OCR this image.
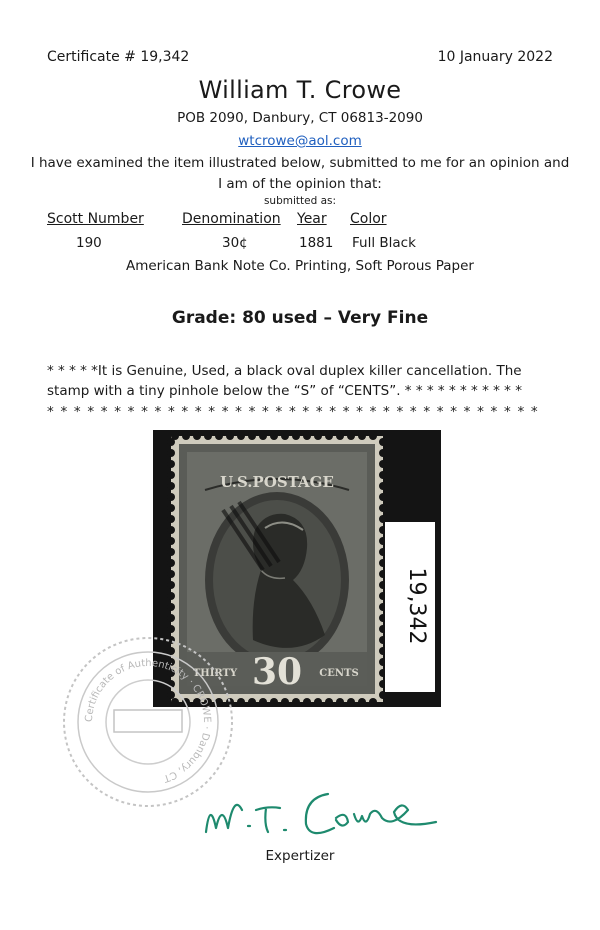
Certificate # 19,342	10 January 2022
William T. Crowe
POB 2090, Danbury, CT 06813-2090
wtcrowe@aol.com
I have examined the item illustrated below, submitted to me for an opinion and
I am of the opinion that:
submitted as:
Scott Number	Denomination Year Color
190	30¢	1881 Full Black
American Bank Note Co. Printing, Soft Porous Paper
Grade: 80 used – Very Fine
* * * * *It is Genuine, Used, a black oval duplex killer cancellation. The
stamp with a tiny pinhole below the “S” of “CENTS”. * * * * * * * * * * *
* * * * * * * * * * * * * * * * * * * * * * * * * * * * * * * * * * * * *
U.S.POSTAGE
THIRTY 30 CENTS
19,342
Certificate of Authenticity · CROWE · Danbury, CT
Expertizer
